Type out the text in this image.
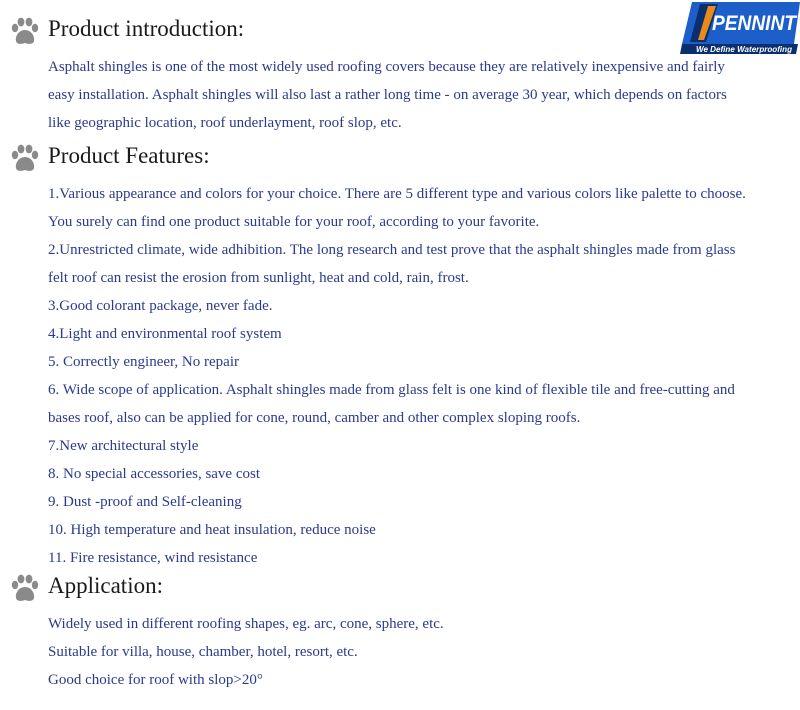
PENNINT
We Define Waterproofing
Product introduction:
Asphalt shingles is one of the most widely used roofing covers because they are relatively inexpensive and fairly
easy installation. Asphalt shingles will also last a rather long time - on average 30 year, which depends on factors
like geographic location, roof underlayment, roof slop, etc.
Product Features:
1.Various appearance and colors for your choice. There are 5 different type and various colors like palette to choose.
You surely can find one product suitable for your roof, according to your favorite.
2.Unrestricted climate, wide adhibition. The long research and test prove that the asphalt shingles made from glass
felt roof can resist the erosion from sunlight, heat and cold, rain, frost.
3.Good colorant package, never fade.
4.Light and environmental roof system
5. Correctly engineer, No repair
6. Wide scope of application. Asphalt shingles made from glass felt is one kind of flexible tile and free-cutting and
bases roof, also can be applied for cone, round, camber and other complex sloping roofs.
7.New architectural style
8. No special accessories, save cost
9. Dust -proof and Self-cleaning
10. High temperature and heat insulation, reduce noise
11. Fire resistance, wind resistance
Application:
Widely used in different roofing shapes, eg. arc, cone, sphere, etc.
Suitable for villa, house, chamber, hotel, resort, etc.
Good choice for roof with slop>20°
